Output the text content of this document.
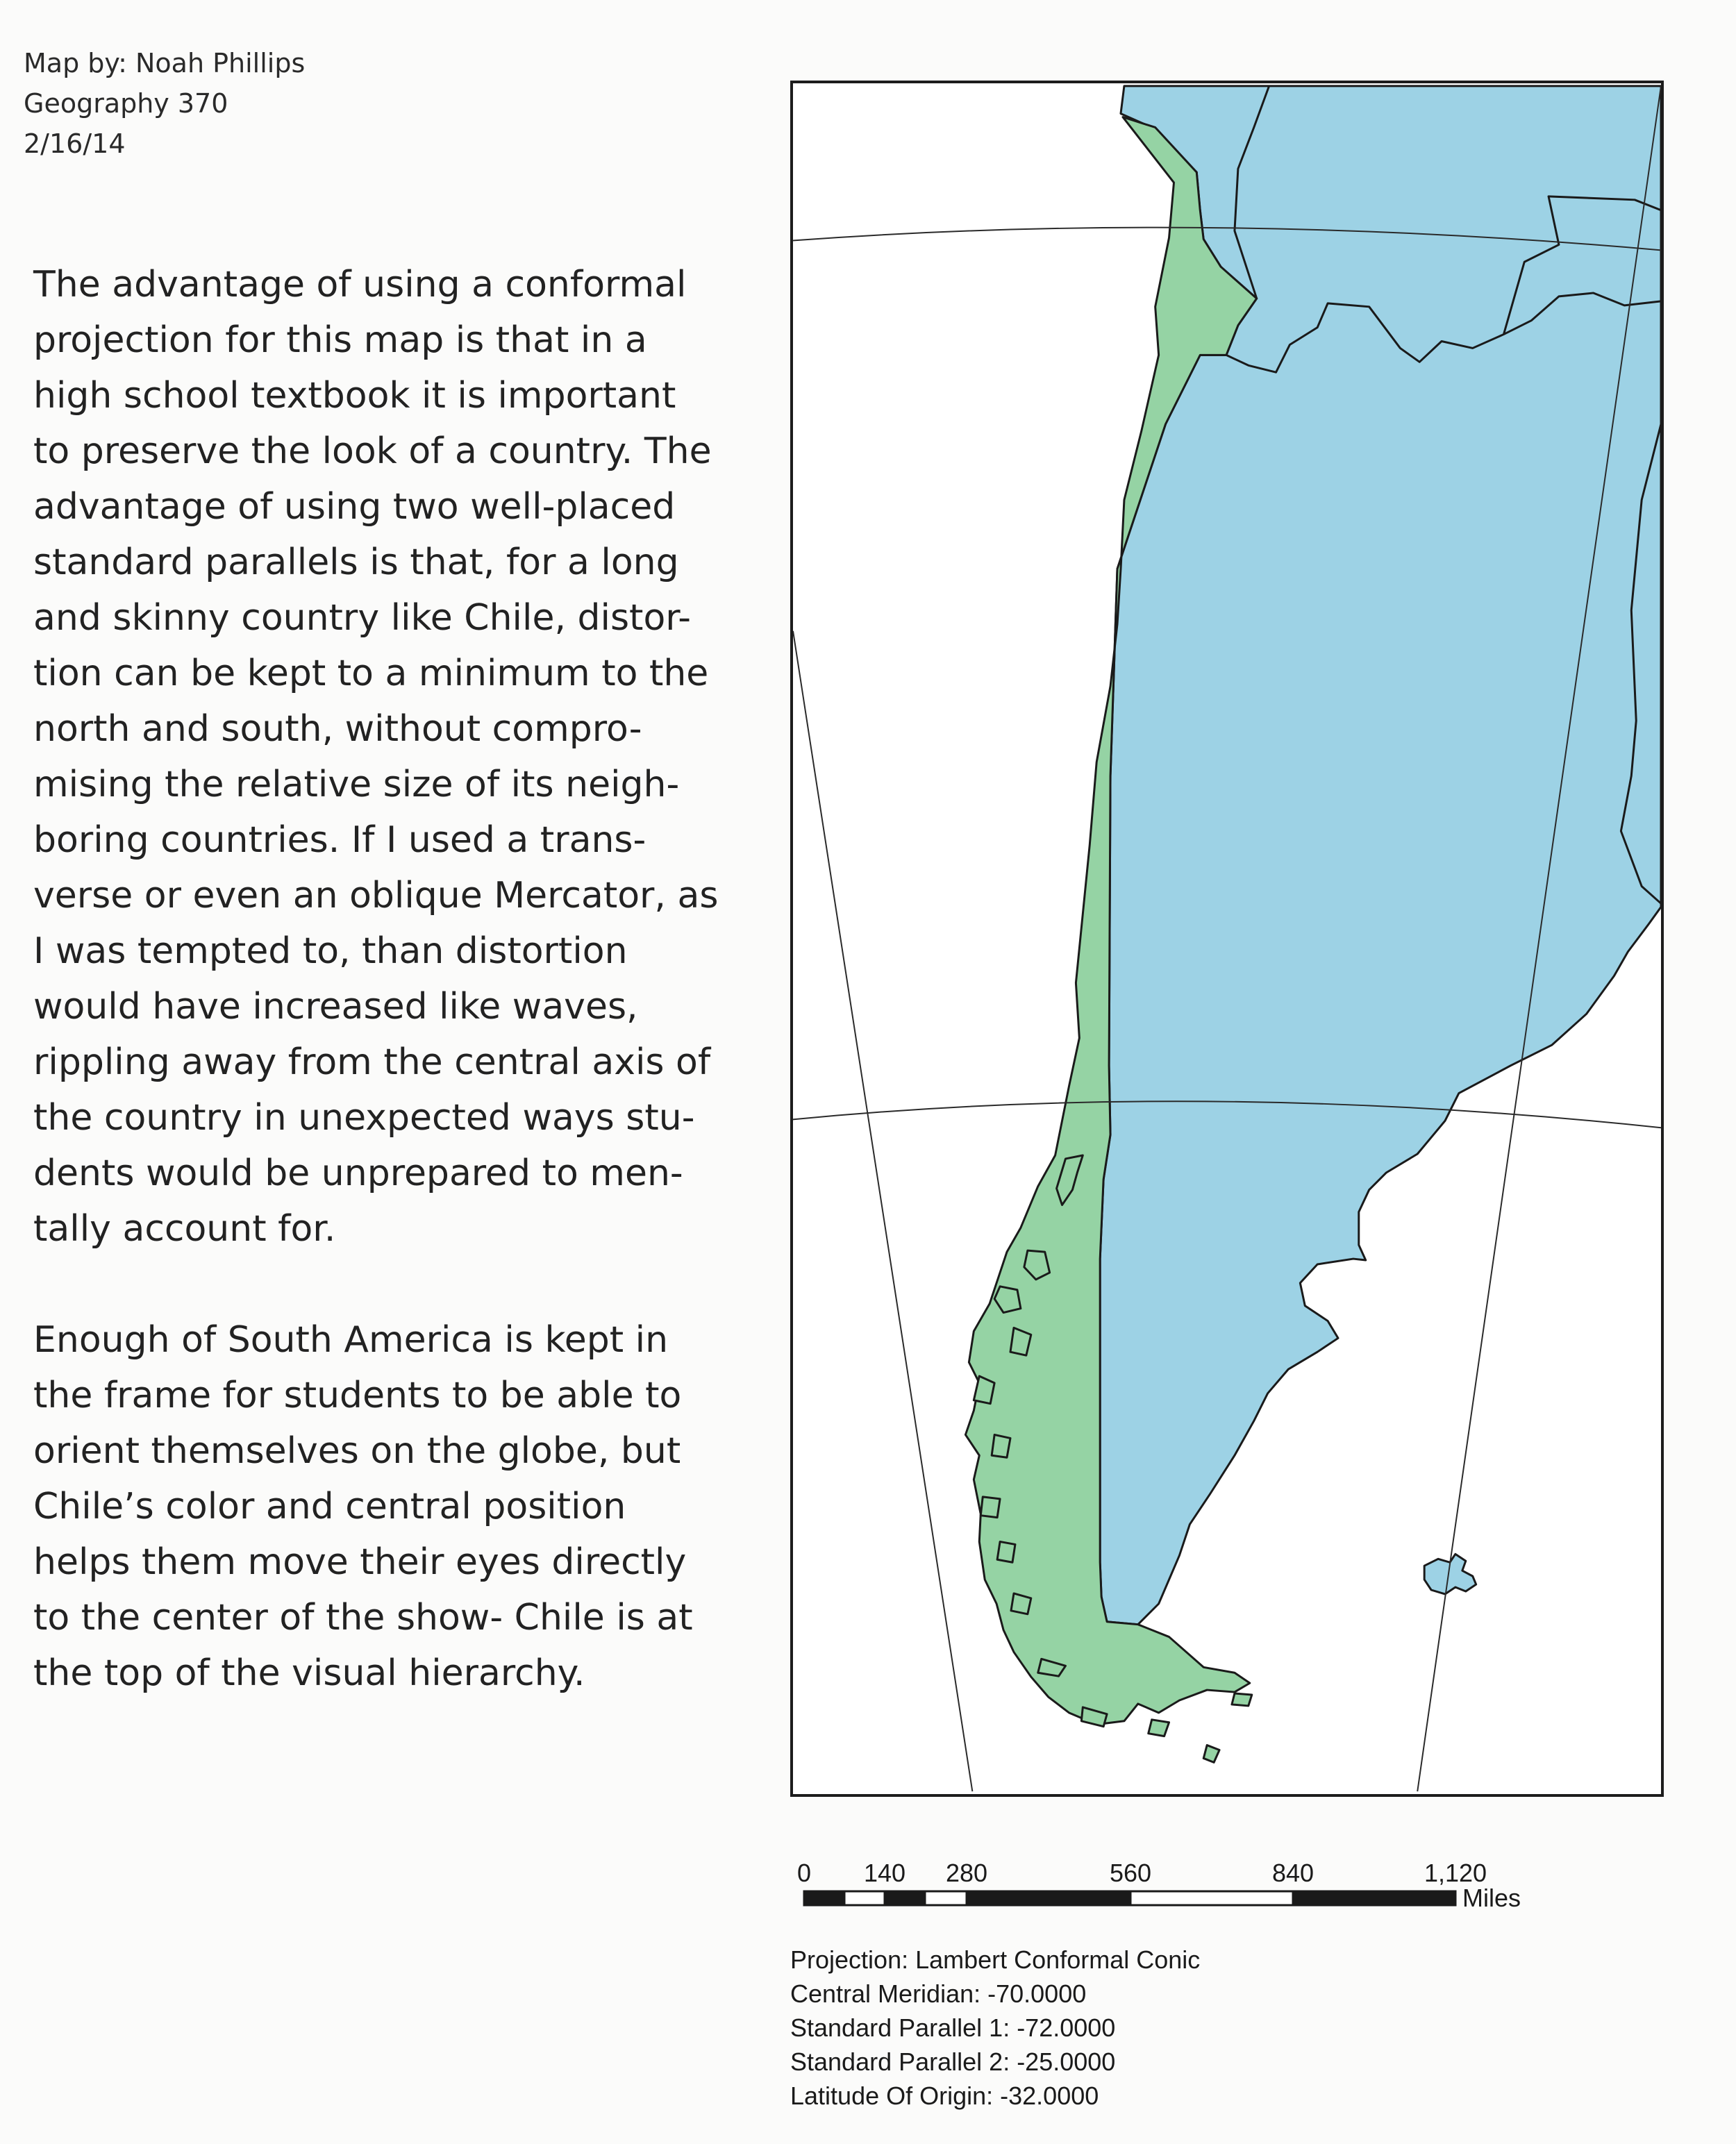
Map by: Noah Phillips
Geography 370
2/16/14

The advantage of using a conformal
projection for this map is that in a
high school textbook it is important
to preserve the look of a country. The
advantage of using two well-placed
standard parallels is that, for a long
and skinny country like Chile, distor-
tion can be kept to a minimum to the
north and south, without compro-
mising the relative size of its neigh-
boring countries. If I used a trans-
verse or even an oblique Mercator, as
I was tempted to, than distortion
would have increased like waves,
rippling away from the central axis of
the country in unexpected ways stu-
dents would be unprepared to men-
tally account for.

Enough of South America is kept in
the frame for students to be able to
orient themselves on the globe, but
Chile’s color and central position
helps them move their eyes directly
to the center of the show- Chile is at
the top of the visual hierarchy.

0 140 280	560	840	1,120
Miles
Projection: Lambert Conformal Conic
Central Meridian: -70.0000
Standard Parallel 1: -72.0000
Standard Parallel 2: -25.0000
Latitude Of Origin: -32.0000
